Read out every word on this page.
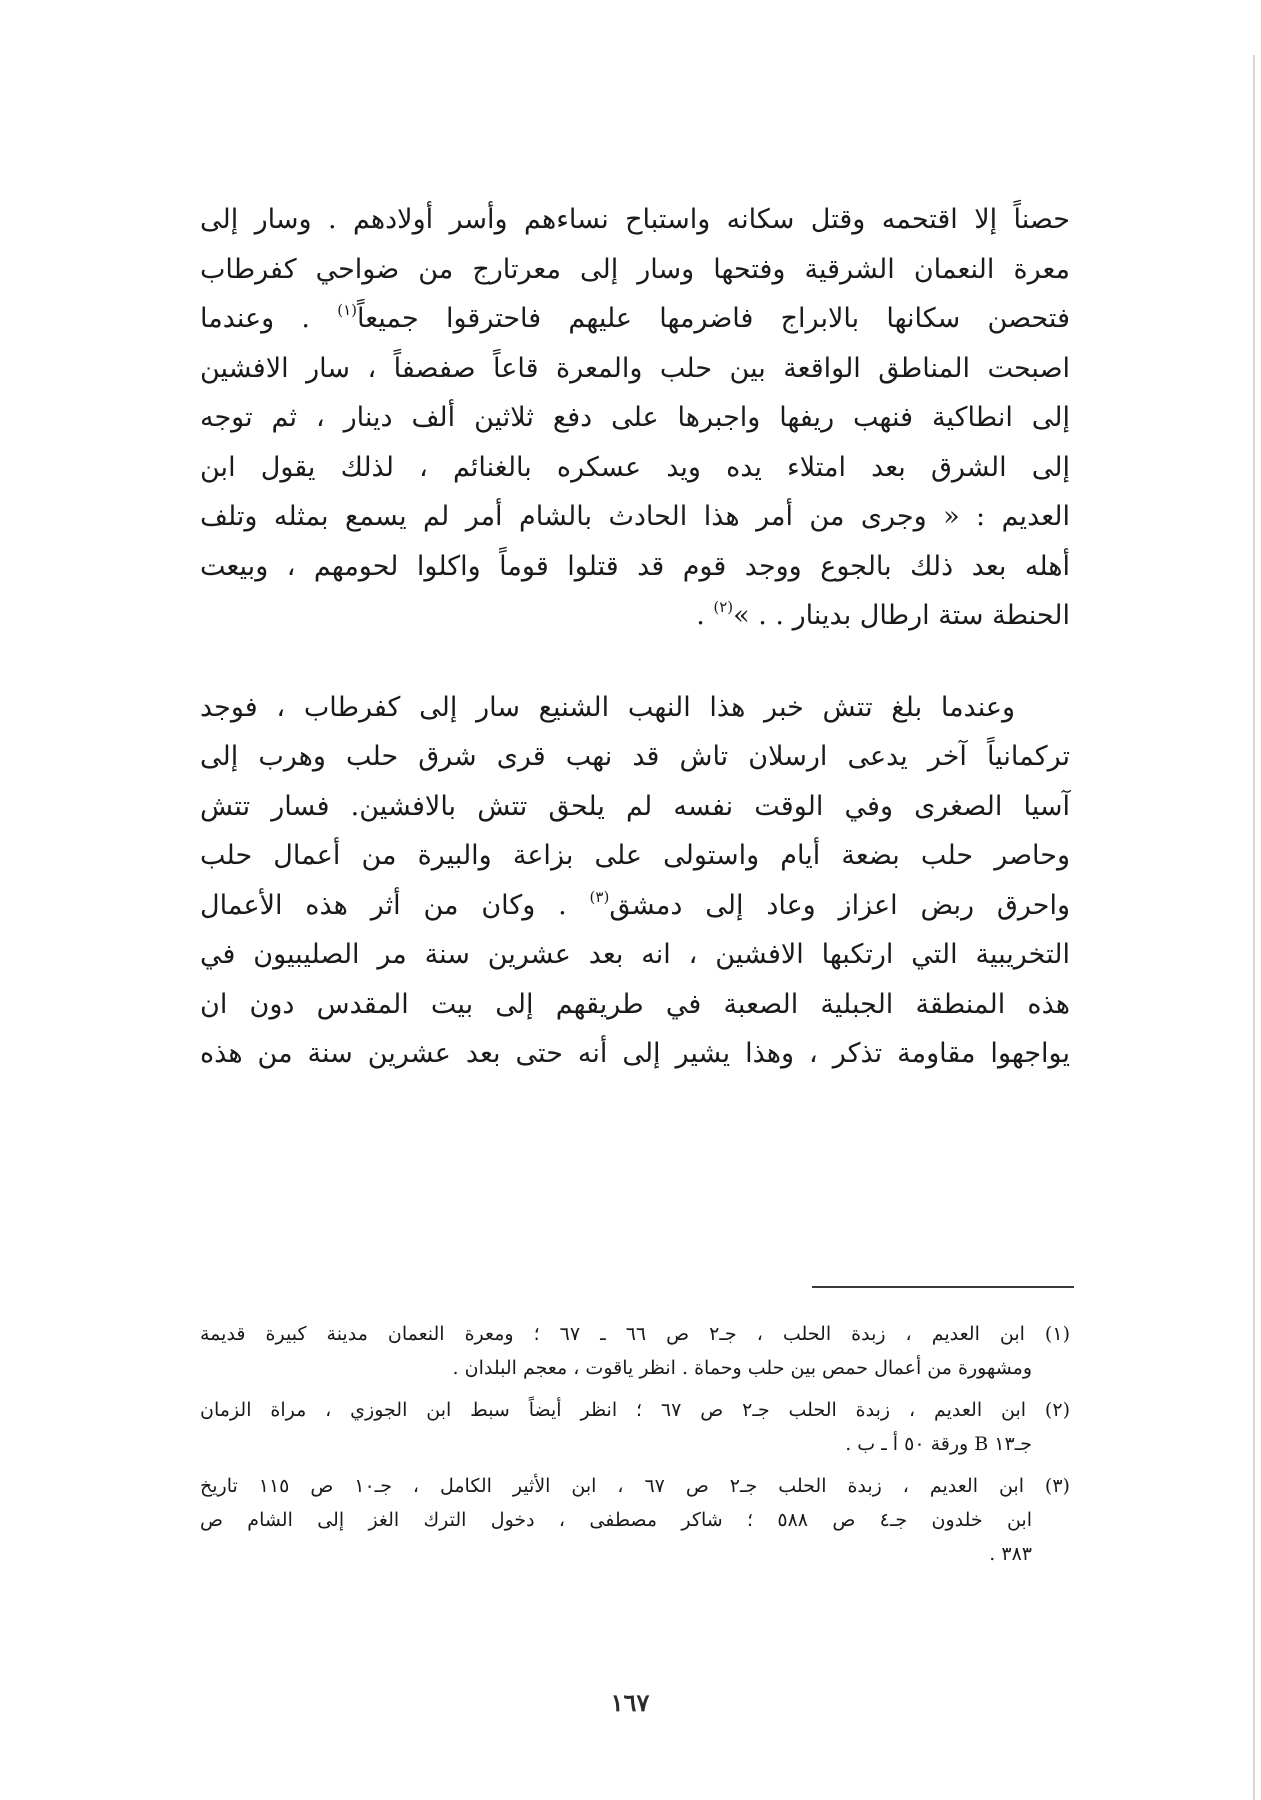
حصناً إلا اقتحمه وقتل سكانه واستباح نساءهم وأسر أولادهم . وسار إلى
معرة النعمان الشرقية وفتحها وسار إلى معرتارج من ضواحي كفرطاب
فتحصن سكانها بالابراج فاضرمها عليهم فاحترقوا جميعاً$^{(١)}$ . وعندما
اصبحت المناطق الواقعة بين حلب والمعرة قاعاً صفصفاً ، سار الافشين
إلى انطاكية فنهب ريفها واجبرها على دفع ثلاثين ألف دينار ، ثم توجه
إلى الشرق بعد امتلاء يده ويد عسكره بالغنائم ، لذلك يقول ابن
العديم : « وجرى من أمر هذا الحادث بالشام أمر لم يسمع بمثله وتلف
أهله بعد ذلك بالجوع ووجد قوم قد قتلوا قوماً واكلوا لحومهم ، وبيعت
الحنطة ستة ارطال بدينار . . »$^{(٢)}$ .

وعندما بلغ تتش خبر هذا النهب الشنيع سار إلى كفرطاب ، فوجد
تركمانياً آخر يدعى ارسلان تاش قد نهب قرى شرق حلب وهرب إلى
آسيا الصغرى وفي الوقت نفسه لم يلحق تتش بالافشين. فسار تتش
وحاصر حلب بضعة أيام واستولى على بزاعة والبيرة من أعمال حلب
واحرق ربض اعزاز وعاد إلى دمشق$^{(٣)}$ . وكان من أثر هذه الأعمال
التخريبية التي ارتكبها الافشين ، انه بعد عشرين سنة مر الصليبيون في
هذه المنطقة الجبلية الصعبة في طريقهم إلى بيت المقدس دون ان
يواجهوا مقاومة تذكر ، وهذا يشير إلى أنه حتى بعد عشرين سنة من هذه

(١) ابن العديم ، زبدة الحلب ، جـ٢ ص ٦٦ ـ ٦٧ ؛ ومعرة النعمان مدينة كبيرة قديمة
ومشهورة من أعمال حمص بين حلب وحماة . انظر ياقوت ، معجم البلدان .

(٢) ابن العديم ، زبدة الحلب جـ٢ ص ٦٧ ؛ انظر أيضاً سبط ابن الجوزي ، مراة الزمان
جـ١٣ B ورقة ٥٠ أ ـ ب .

(٣) ابن العديم ، زبدة الحلب جـ٢ ص ٦٧ ، ابن الأثير الكامل ، جـ١٠ ص ١١٥ تاريخ
ابن خلدون جـ٤ ص ٥٨٨ ؛ شاكر مصطفى ، دخول الترك الغز إلى الشام ص
٣٨٣ .

١٦٧
